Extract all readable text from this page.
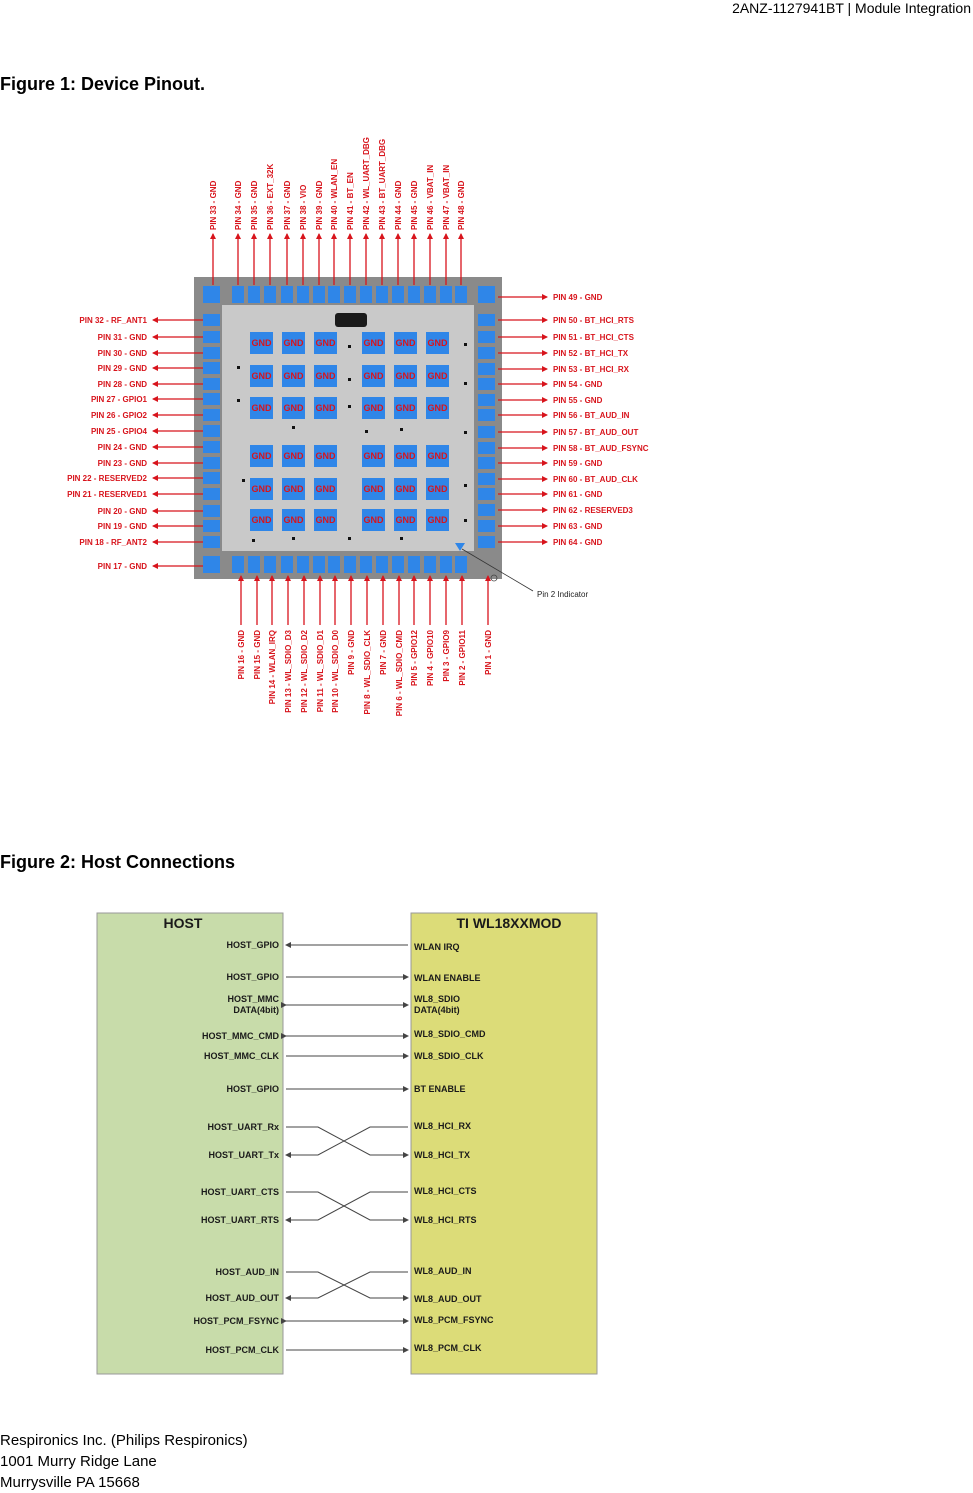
2ANZ-1127941BT | Module Integration
Figure 1: Device Pinout.
Figure 2: Host Connections
PIN 33 - GND PIN 34 - GND PIN 35 - GND PIN 36 - EXT_32K PIN 37 - GND PIN 38 - VIO PIN 39 - GND PIN 40 - WLAN_EN PIN 41 - BT_EN PIN 42 - WL_UART_DBG PIN 43 - BT_UART_DBG PIN 44 - GND PIN 45 - GND PIN 46 - VBAT_IN PIN 47 - VBAT_IN PIN 48 - GND
PIN 16 - GND PIN 15 - GND PIN 14 - WLAN_IRQ PIN 13 - WL_SDIO_D3 PIN 12 - WL_SDIO_D2 PIN 11 - WL_SDIO_D1 PIN 10 - WL_SDIO_D0 PIN 9 - GND PIN 8 - WL_SDIO_CLK PIN 7 - GND PIN 6 - WL_SDIO_CMD PIN 5 - GPIO12 PIN 4 - GPIO10 PIN 3 - GPIO9 PIN 2 - GPIO11 PIN 1 - GND
PIN 32 - RF_ANT1
PIN 31 - GND
PIN 30 - GND
PIN 29 - GND
PIN 28 - GND
PIN 27 - GPIO1
PIN 26 - GPIO2
PIN 25 - GPIO4
PIN 24 - GND
PIN 23 - GND
PIN 22 - RESERVED2
PIN 21 - RESERVED1
PIN 20 - GND
PIN 19 - GND
PIN 18 - RF_ANT2
PIN 17 - GND
PIN 49 - GND
PIN 50 - BT_HCI_RTS
PIN 51 - BT_HCI_CTS
PIN 52 - BT_HCI_TX
PIN 53 - BT_HCI_RX
PIN 54 - GND
PIN 55 - GND
PIN 56 - BT_AUD_IN
PIN 57 - BT_AUD_OUT
PIN 58 - BT_AUD_FSYNC
PIN 59 - GND
PIN 60 - BT_AUD_CLK
PIN 61 - GND
PIN 62 - RESERVED3
PIN 63 - GND
PIN 64 - GND
GND GND GND	GND GND GND
GND GND GND	GND GND GND
GND GND GND	GND GND GND
GND GND GND	GND GND GND
GND GND GND	GND GND GND
GND GND GND	GND GND GND
Pin 2 Indicator
HOST	TI WL18XXMOD
HOST_GPIO
HOST_GPIO
HOST_MMC
DATA(4bit)
HOST_MMC_CMD
HOST_MMC_CLK
HOST_GPIO
HOST_UART_Rx
HOST_UART_Tx
HOST_UART_CTS
HOST_UART_RTS
HOST_AUD_IN
HOST_AUD_OUT
HOST_PCM_FSYNC
HOST_PCM_CLK
WLAN IRQ
WLAN ENABLE
WL8_SDIO
DATA(4bit)
WL8_SDIO_CMD
WL8_SDIO_CLK
BT ENABLE
WL8_HCI_RX
WL8_HCI_TX
WL8_HCI_CTS
WL8_HCI_RTS
WL8_AUD_IN
WL8_AUD_OUT
WL8_PCM_FSYNC
WL8_PCM_CLK
Respironics Inc. (Philips Respironics)
1001 Murry Ridge Lane
Murrysville PA 15668
